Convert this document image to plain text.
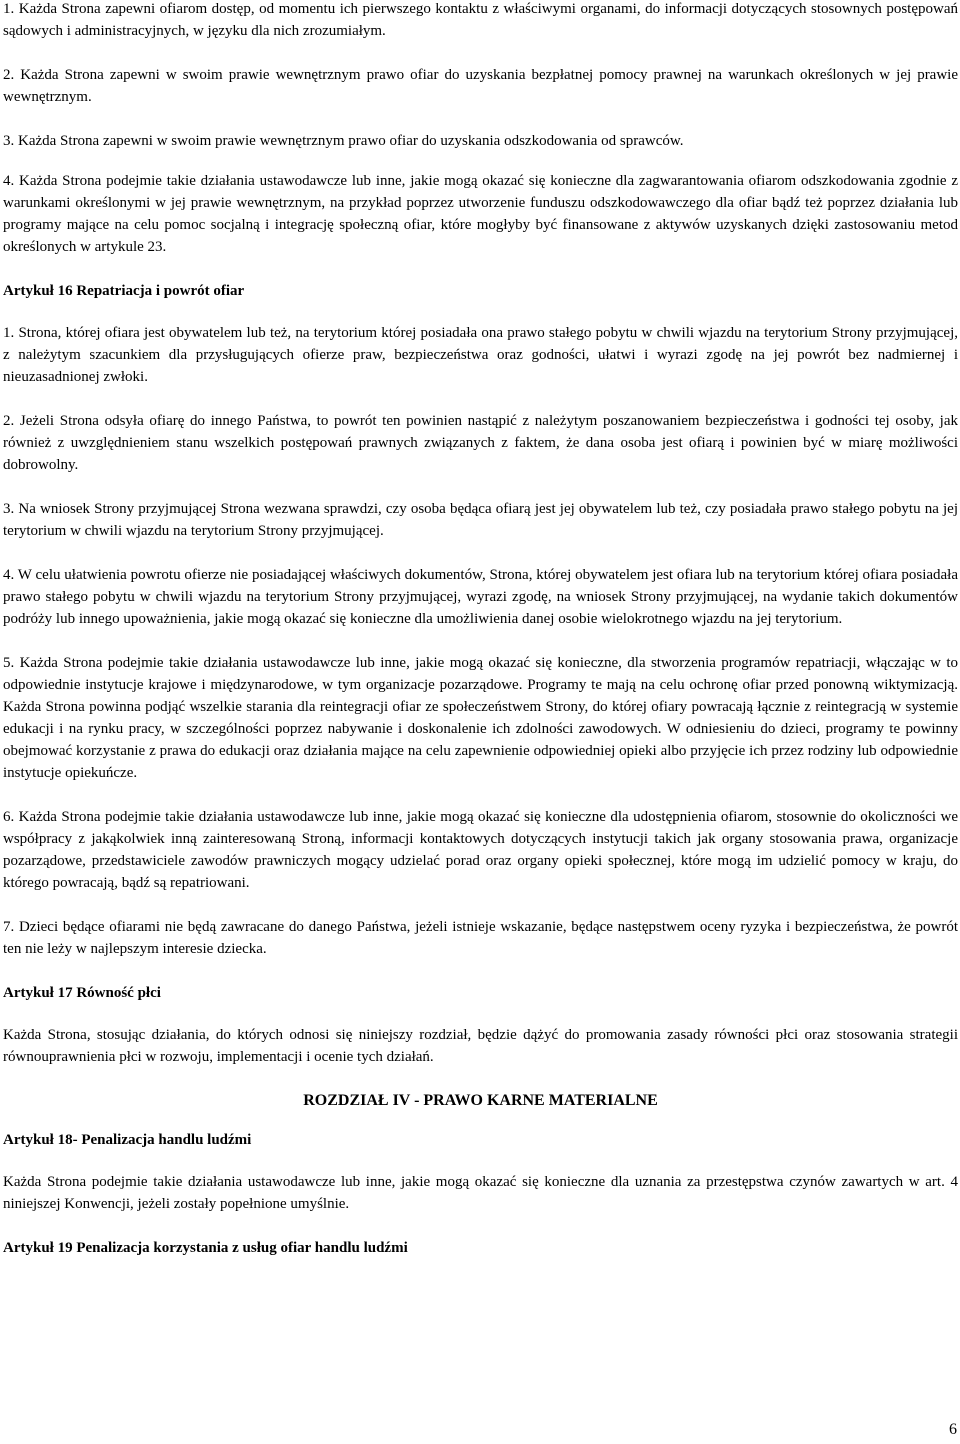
1. Każda Strona zapewni ofiarom dostęp, od momentu ich pierwszego kontaktu z właściwymi organami, do informacji dotyczących stosownych postępowań sądowych i administracyjnych, w języku dla nich zrozumiałym.

2. Każda Strona zapewni w swoim prawie wewnętrznym prawo ofiar do uzyskania bezpłatnej pomocy prawnej na warunkach określonych w jej prawie wewnętrznym.

3. Każda Strona zapewni w swoim prawie wewnętrznym prawo ofiar do uzyskania odszkodowania od sprawców.

4. Każda Strona podejmie takie działania ustawodawcze lub inne, jakie mogą okazać się konieczne dla zagwarantowania ofiarom odszkodowania zgodnie z warunkami określonymi w jej prawie wewnętrznym, na przykład poprzez utworzenie funduszu odszkodowawczego dla ofiar bądź też poprzez działania lub programy mające na celu pomoc socjalną i integrację społeczną ofiar, które mogłyby być finansowane z aktywów uzyskanych dzięki zastosowaniu metod określonych w artykule 23.

Artykuł 16 Repatriacja i powrót ofiar

1. Strona, której ofiara jest obywatelem lub też, na terytorium której posiadała ona prawo stałego pobytu w chwili wjazdu na terytorium Strony przyjmującej, z należytym szacunkiem dla przysługujących ofierze praw, bezpieczeństwa oraz godności, ułatwi i wyrazi zgodę na jej powrót bez nadmiernej i nieuzasadnionej zwłoki.

2. Jeżeli Strona odsyła ofiarę do innego Państwa, to powrót ten powinien nastąpić z należytym poszanowaniem bezpieczeństwa i godności tej osoby, jak również z uwzględnieniem stanu wszelkich postępowań prawnych związanych z faktem, że dana osoba jest ofiarą i powinien być w miarę możliwości dobrowolny.

3. Na wniosek Strony przyjmującej Strona wezwana sprawdzi, czy osoba będąca ofiarą jest jej obywatelem lub też, czy posiadała prawo stałego pobytu na jej terytorium w chwili wjazdu na terytorium Strony przyjmującej.

4. W celu ułatwienia powrotu ofierze nie posiadającej właściwych dokumentów, Strona, której obywatelem jest ofiara lub na terytorium której ofiara posiadała prawo stałego pobytu w chwili wjazdu na terytorium Strony przyjmującej, wyrazi zgodę, na wniosek Strony przyjmującej, na wydanie takich dokumentów podróży lub innego upoważnienia, jakie mogą okazać się konieczne dla umożliwienia danej osobie wielokrotnego wjazdu na jej terytorium.

5. Każda Strona podejmie takie działania ustawodawcze lub inne, jakie mogą okazać się konieczne, dla stworzenia programów repatriacji, włączając w to odpowiednie instytucje krajowe i międzynarodowe, w tym organizacje pozarządowe. Programy te mają na celu ochronę ofiar przed ponowną wiktymizacją. Każda Strona powinna podjąć wszelkie starania dla reintegracji ofiar ze społeczeństwem Strony, do której ofiary powracają łącznie z reintegracją w systemie edukacji i na rynku pracy, w szczególności poprzez nabywanie i doskonalenie ich zdolności zawodowych. W odniesieniu do dzieci, programy te powinny obejmować korzystanie z prawa do edukacji oraz działania mające na celu zapewnienie odpowiedniej opieki albo przyjęcie ich przez rodziny lub odpowiednie instytucje opiekuńcze.

6. Każda Strona podejmie takie działania ustawodawcze lub inne, jakie mogą okazać się konieczne dla udostępnienia ofiarom, stosownie do okoliczności we współpracy z jakąkolwiek inną zainteresowaną Stroną, informacji kontaktowych dotyczących instytucji takich jak organy stosowania prawa, organizacje pozarządowe, przedstawiciele zawodów prawniczych mogący udzielać porad oraz organy opieki społecznej, które mogą im udzielić pomocy w kraju, do którego powracają, bądź są repatriowani.

7. Dzieci będące ofiarami nie będą zawracane do danego Państwa, jeżeli istnieje wskazanie, będące następstwem oceny ryzyka i bezpieczeństwa, że powrót ten nie leży w najlepszym interesie dziecka.

Artykuł 17 Równość płci

Każda Strona, stosując działania, do których odnosi się niniejszy rozdział, będzie dążyć do promowania zasady równości płci oraz stosowania strategii równouprawnienia płci w rozwoju, implementacji i ocenie tych działań.

ROZDZIAŁ IV - PRAWO KARNE MATERIALNE
Artykuł 18- Penalizacja handlu ludźmi

Każda Strona podejmie takie działania ustawodawcze lub inne, jakie mogą okazać się konieczne dla uznania za przestępstwa czynów zawartych w art. 4 niniejszej Konwencji, jeżeli zostały popełnione umyślnie.

Artykuł 19 Penalizacja korzystania z usług ofiar handlu ludźmi
6
